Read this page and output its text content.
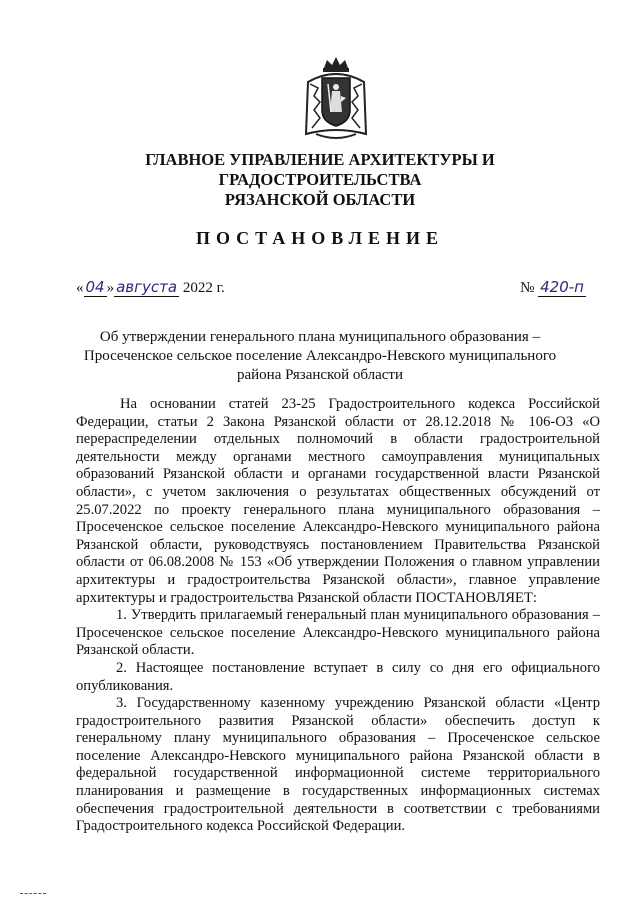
ГЛАВНОЕ УПРАВЛЕНИЕ АРХИТЕКТУРЫ И ГРАДОСТРОИТЕЛЬСТВА
РЯЗАНСКОЙ ОБЛАСТИ
ПОСТАНОВЛЕНИЕ
« 04 » августа 2022 г.	№ 420-п
Об утверждении генерального плана муниципального образования –
Просеченское сельское поселение Александро-Невского муниципального
района Рязанской области

На основании статей 23-25 Градостроительного кодекса Российской Федерации, статьи 2 Закона Рязанской области от 28.12.2018 № 106-ОЗ «О перераспределении отдельных полномочий в области градостроительной деятельности между органами местного самоуправления муниципальных образований Рязанской области и органами государственной власти Рязанской области», с учетом заключения о результатах общественных обсуждений от 25.07.2022 по проекту генерального плана муниципального образования – Просеченское сельское поселение Александро-Невского муниципального района Рязанской области, руководствуясь постановлением Правительства Рязанской области от 06.08.2008 № 153 «Об утверждении Положения о главном управлении архитектуры и градостроительства Рязанской области», главное управление архитектуры и градостроительства Рязанской области ПОСТАНОВЛЯЕТ:

1. Утвердить прилагаемый генеральный план муниципального образования – Просеченское сельское поселение Александро-Невского муниципального района Рязанской области.

2. Настоящее постановление вступает в силу со дня его официального опубликования.

3. Государственному казенному учреждению Рязанской области «Центр градостроительного развития Рязанской области» обеспечить доступ к генеральному плану муниципального образования – Просеченское сельское поселение Александро-Невского муниципального района Рязанской области в федеральной государственной информационной системе территориального планирования и размещение в государственных информационных системах обеспечения градостроительной деятельности в соответствии с требованиями Градостроительного кодекса Российской Федерации.
